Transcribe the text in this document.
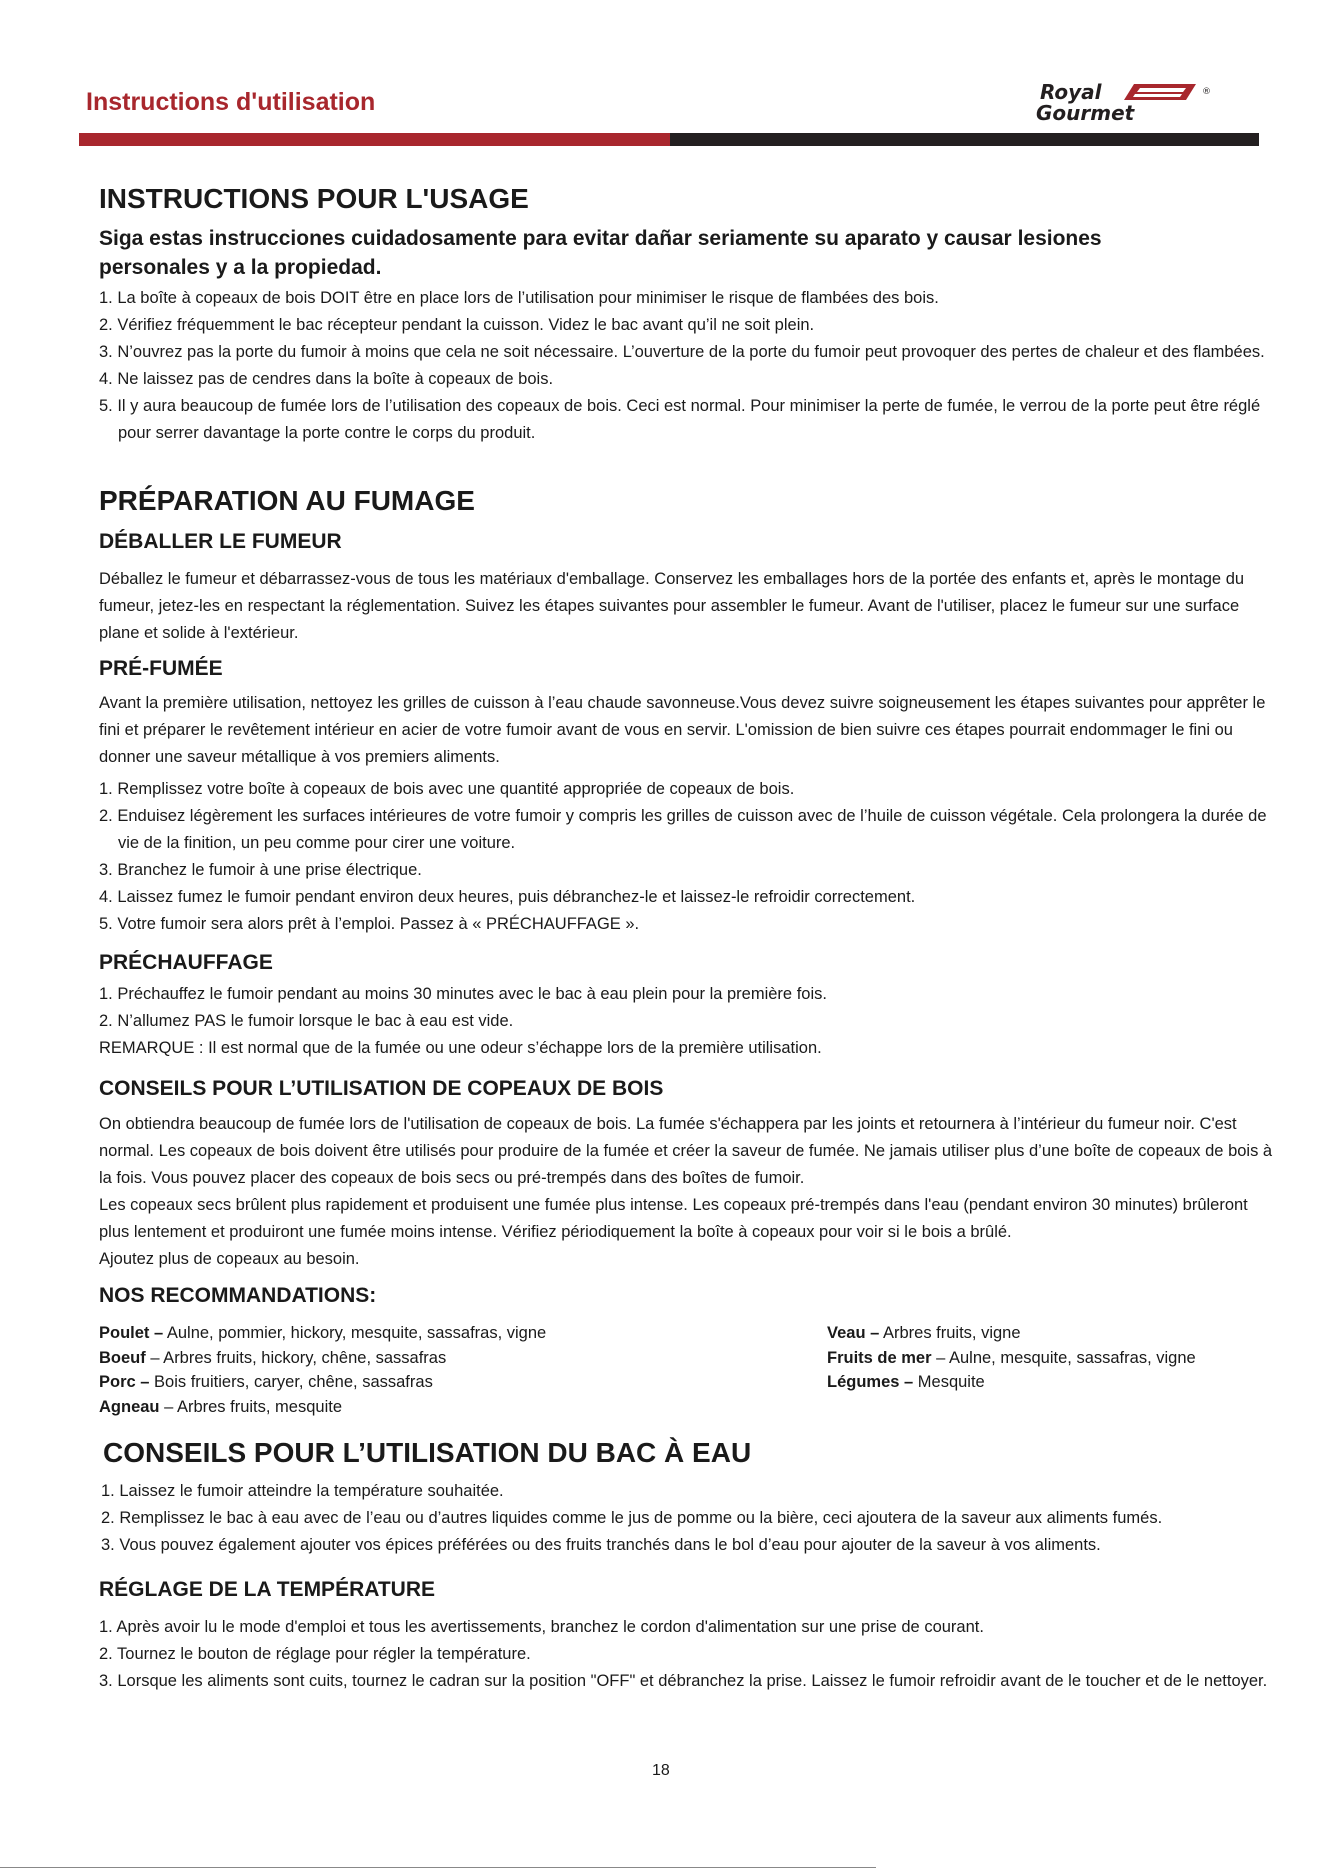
Instructions d'utilisation	Royal
Gourmet
®
INSTRUCTIONS POUR L'USAGE

Siga estas instrucciones cuidadosamente para evitar dañar seriamente su aparato y causar lesiones personales y a la propiedad.

1. La boîte à copeaux de bois DOIT être en place lors de l’utilisation pour minimiser le risque de flambées des bois.
2. Vérifiez fréquemment le bac récepteur pendant la cuisson. Videz le bac avant qu’il ne soit plein.
3. N’ouvrez pas la porte du fumoir à moins que cela ne soit nécessaire. L’ouverture de la porte du fumoir peut provoquer des pertes de chaleur et des flambées.
4. Ne laissez pas de cendres dans la boîte à copeaux de bois.
5. Il y aura beaucoup de fumée lors de l’utilisation des copeaux de bois. Ceci est normal. Pour minimiser la perte de fumée, le verrou de la porte peut être réglé pour serrer davantage la porte contre le corps du produit.
PRÉPARATION AU FUMAGE
DÉBALLER LE FUMEUR

Déballez le fumeur et débarrassez-vous de tous les matériaux d'emballage. Conservez les emballages hors de la portée des enfants et, après le montage du fumeur, jetez-les en respectant la réglementation. Suivez les étapes suivantes pour assembler le fumeur. Avant de l'utiliser, placez le fumeur sur une surface plane et solide à l'extérieur.

PRÉ-FUMÉE

Avant la première utilisation, nettoyez les grilles de cuisson à l’eau chaude savonneuse.Vous devez suivre soigneusement les étapes suivantes pour apprêter le fini et préparer le revêtement intérieur en acier de votre fumoir avant de vous en servir. L'omission de bien suivre ces étapes pourrait endommager le fini ou donner une saveur métallique à vos premiers aliments.

1. Remplissez votre boîte à copeaux de bois avec une quantité appropriée de copeaux de bois.
2. Enduisez légèrement les surfaces intérieures de votre fumoir y compris les grilles de cuisson avec de l’huile de cuisson végétale. Cela prolongera la durée de vie de la finition, un peu comme pour cirer une voiture.
3. Branchez le fumoir à une prise électrique.
4. Laissez fumez le fumoir pendant environ deux heures, puis débranchez-le et laissez-le refroidir correctement.
5. Votre fumoir sera alors prêt à l’emploi. Passez à « PRÉCHAUFFAGE ».
PRÉCHAUFFAGE
1. Préchauffez le fumoir pendant au moins 30 minutes avec le bac à eau plein pour la première fois.
2. N’allumez PAS le fumoir lorsque le bac à eau est vide.
REMARQUE : Il est normal que de la fumée ou une odeur s’échappe lors de la première utilisation.
CONSEILS POUR L’UTILISATION DE COPEAUX DE BOIS

On obtiendra beaucoup de fumée lors de l'utilisation de copeaux de bois. La fumée s'échappera par les joints et retournera à l’intérieur du fumeur noir. C'est normal. Les copeaux de bois doivent être utilisés pour produire de la fumée et créer la saveur de fumée. Ne jamais utiliser plus d’une boîte de copeaux de bois à la fois. Vous pouvez placer des copeaux de bois secs ou pré-trempés dans des boîtes de fumoir.

Les copeaux secs brûlent plus rapidement et produisent une fumée plus intense. Les copeaux pré-trempés dans l'eau (pendant environ 30 minutes) brûleront plus lentement et produiront une fumée moins intense. Vérifiez périodiquement la boîte à copeaux pour voir si le bois a brûlé.

Ajoutez plus de copeaux au besoin.

NOS RECOMMANDATIONS:
Poulet – Aulne, pommier, hickory, mesquite, sassafras, vigne
Boeuf – Arbres fruits, hickory, chêne, sassafras
Porc – Bois fruitiers, caryer, chêne, sassafras
Agneau – Arbres fruits, mesquite
Veau – Arbres fruits, vigne
Fruits de mer – Aulne, mesquite, sassafras, vigne
Légumes – Mesquite
CONSEILS POUR L’UTILISATION DU BAC À EAU
1. Laissez le fumoir atteindre la température souhaitée.
2. Remplissez le bac à eau avec de l’eau ou d’autres liquides comme le jus de pomme ou la bière, ceci ajoutera de la saveur aux aliments fumés.
3. Vous pouvez également ajouter vos épices préférées ou des fruits tranchés dans le bol d’eau pour ajouter de la saveur à vos aliments.
RÉGLAGE DE LA TEMPÉRATURE
1. Après avoir lu le mode d'emploi et tous les avertissements, branchez le cordon d'alimentation sur une prise de courant.
2. Tournez le bouton de réglage pour régler la température.
3. Lorsque les aliments sont cuits, tournez le cadran sur la position "OFF" et débranchez la prise. Laissez le fumoir refroidir avant de le toucher et de le nettoyer.
18
